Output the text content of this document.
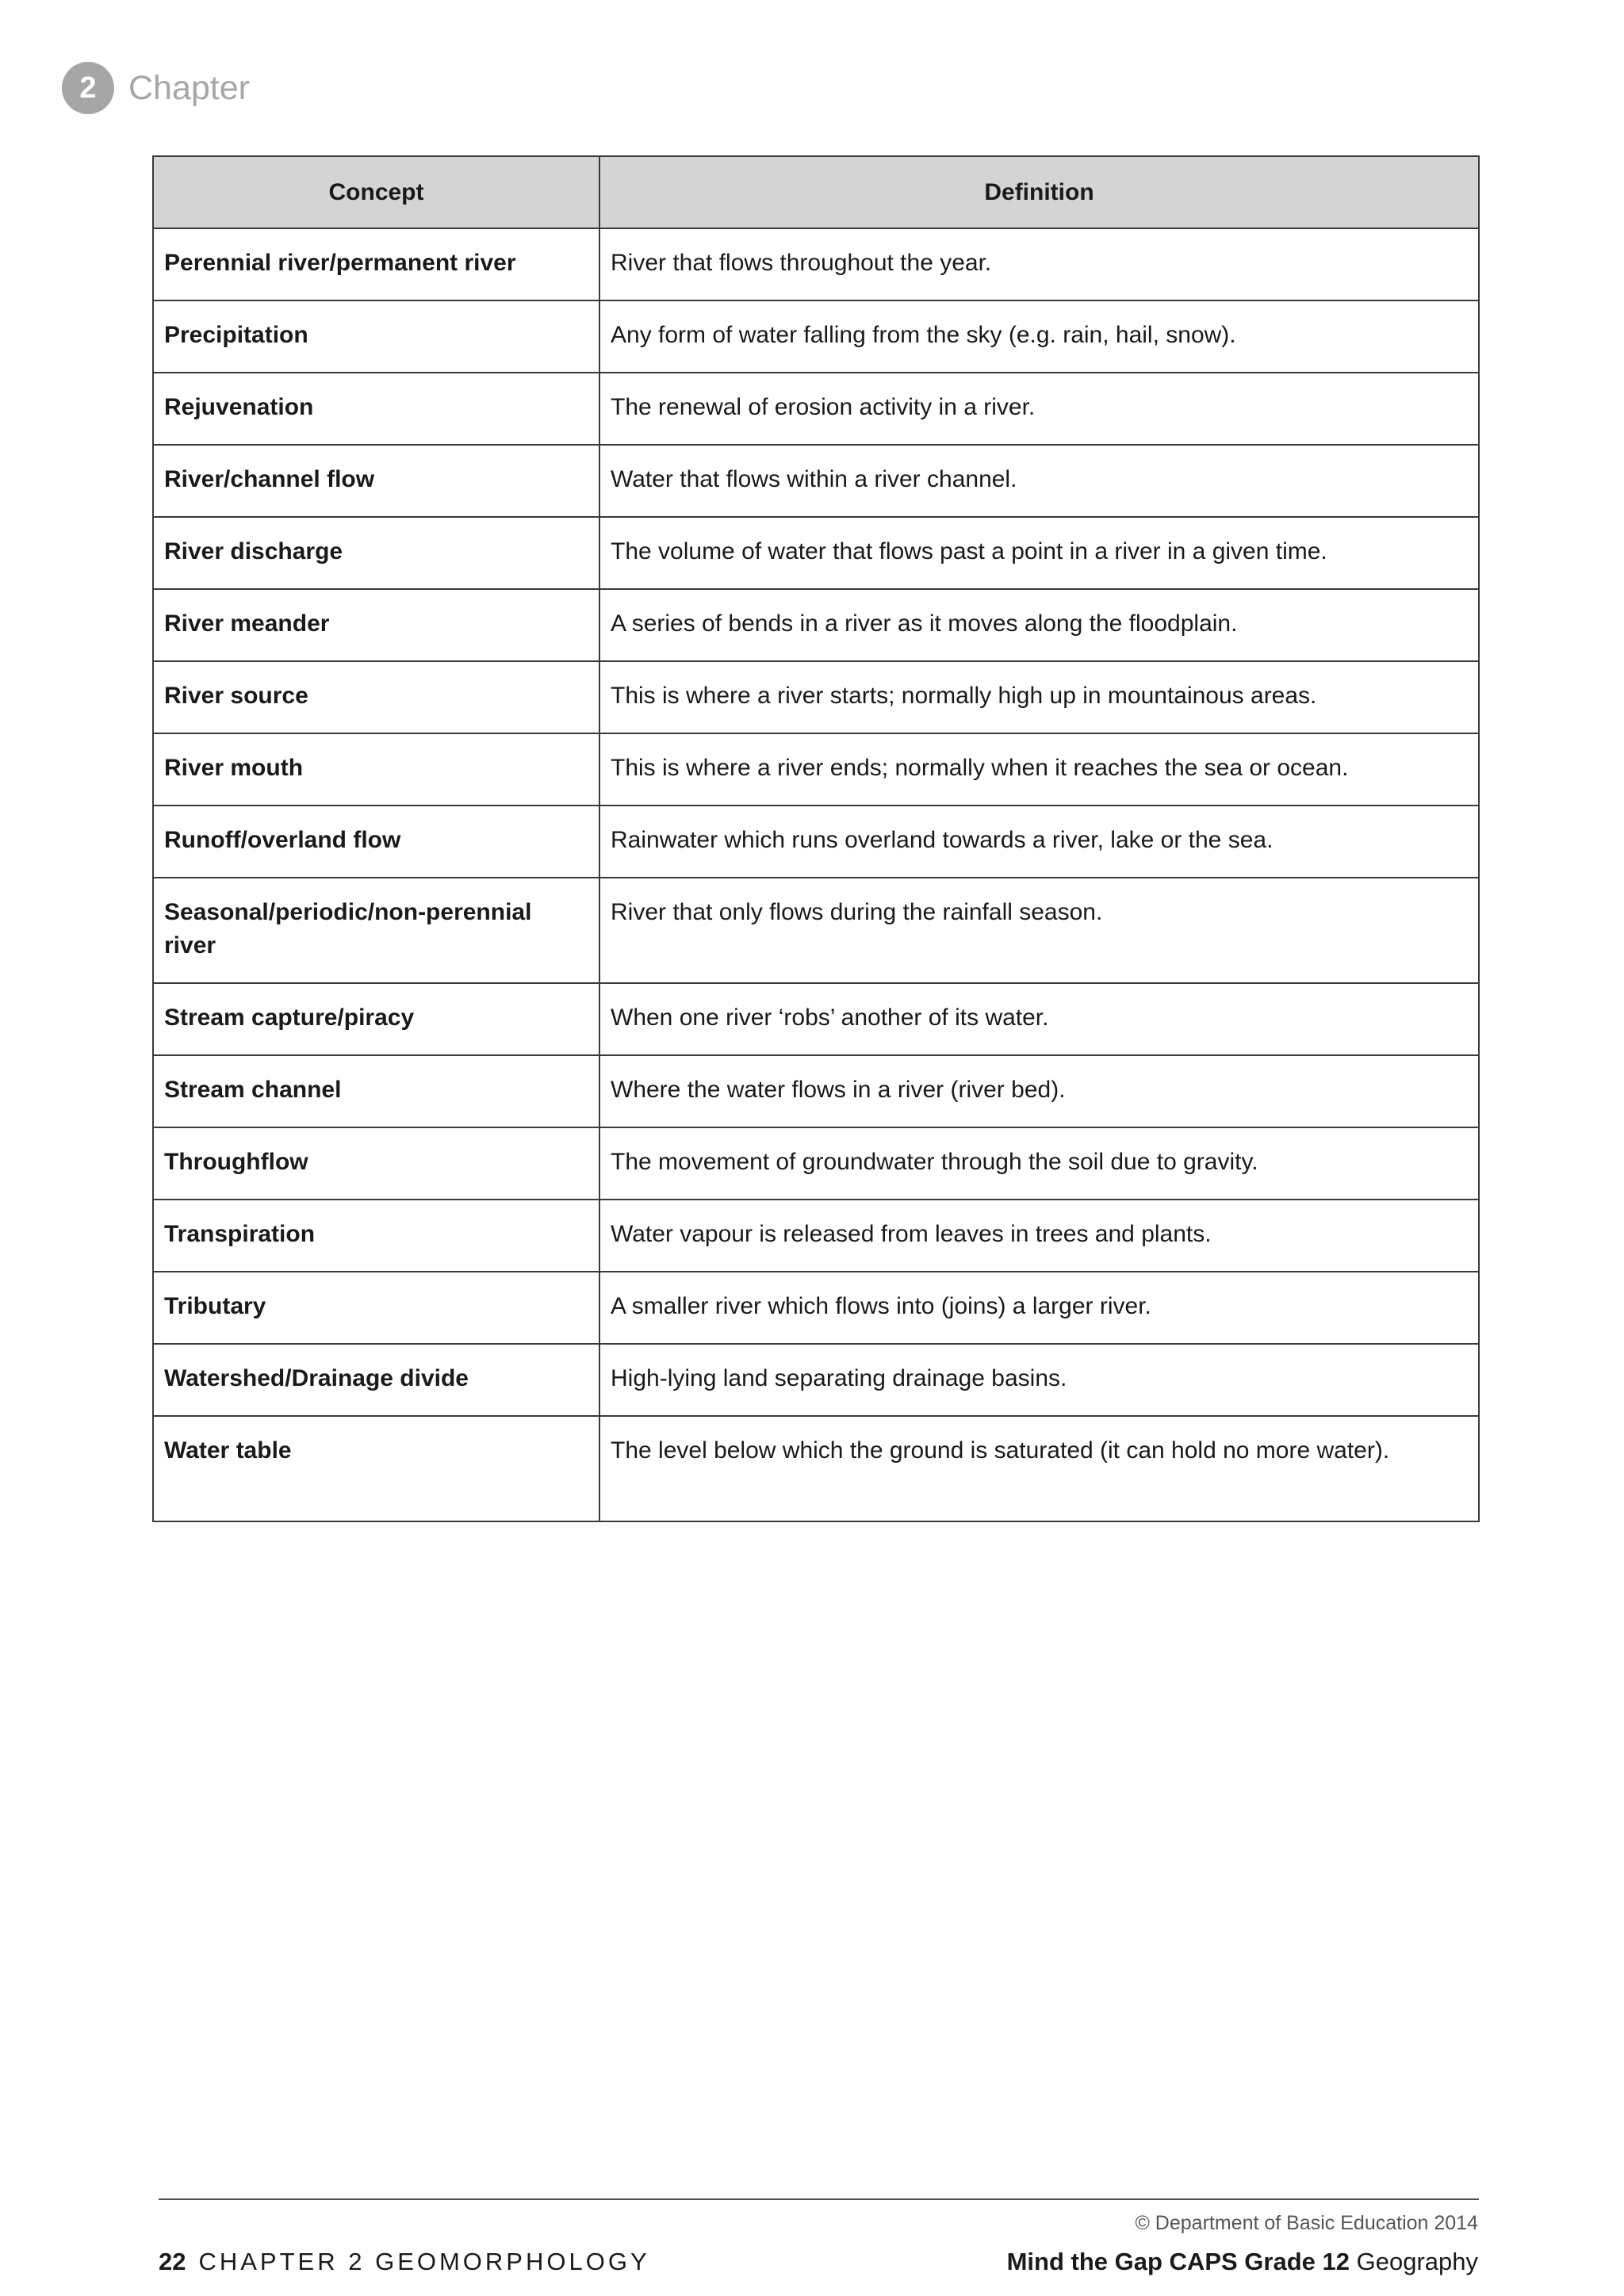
2 Chapter
Concept	Definition
Perennial river/permanent river	River that flows throughout the year.
Precipitation	Any form of water falling from the sky (e.g. rain, hail, snow).
Rejuvenation	The renewal of erosion activity in a river.
River/channel flow	Water that flows within a river channel.
River discharge	The volume of water that flows past a point in a river in a given time.
River meander	A series of bends in a river as it moves along the floodplain.
River source	This is where a river starts; normally high up in mountainous areas.
River mouth	This is where a river ends; normally when it reaches the sea or ocean.
Runoff/overland flow	Rainwater which runs overland towards a river, lake or the sea.
Seasonal/periodic/non-perennial river	River that only flows during the rainfall season.
Stream capture/piracy	When one river ‘robs’ another of its water.
Stream channel	Where the water flows in a river (river bed).
Throughflow	The movement of groundwater through the soil due to gravity.
Transpiration	Water vapour is released from leaves in trees and plants.
Tributary	A smaller river which flows into (joins) a larger river.
Watershed/Drainage divide	High-lying land separating drainage basins.
Water table	The level below which the ground is saturated (it can hold no more water).
© Department of Basic Education 2014
22 CHAPTER 2 GEOMORPHOLOGY	Mind the Gap CAPS Grade 12 Geography
